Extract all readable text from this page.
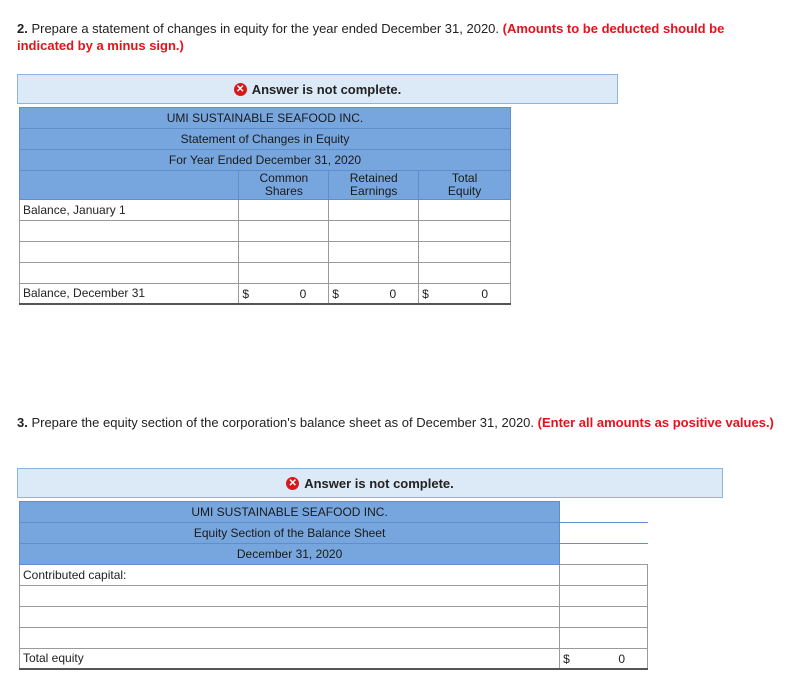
2. Prepare a statement of changes in equity for the year ended December 31, 2020. (Amounts to be deducted should be indicated by a minus sign.)
✕ Answer is not complete.
UMI SUSTAINABLE SEAFOOD INC.			
Statement of Changes in Equity			
For Year Ended December 31, 2020			

	Common Shares	Retained Earnings	Total Equity

Balance, January 1			

Balance, December 31	$ 0	$ 0	$ 0
3. Prepare the equity section of the corporation's balance sheet as of December 31, 2020. (Enter all amounts as positive values.)
✕ Answer is not complete.
UMI SUSTAINABLE SEAFOOD INC.	
Equity Section of the Balance Sheet	
December 31, 2020	
Contributed capital:	

Total equity	$ 0
